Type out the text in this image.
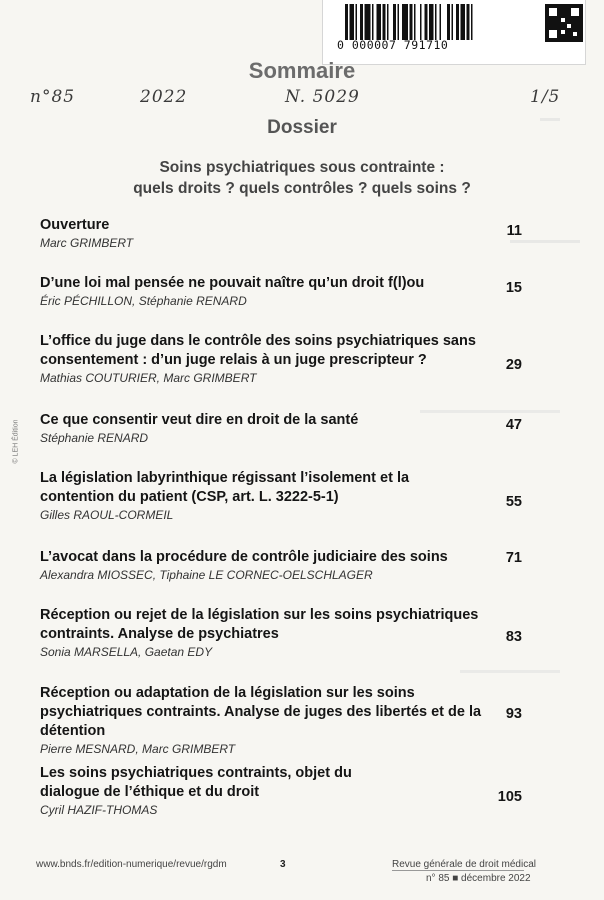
0 000007 791710
Sommaire
n°85	2022	N. 5029	1/5
Dossier
Soins psychiatriques sous contrainte :
quels droits ? quels contrôles ? quels soins ?
Ouverture
Marc GRIMBERT
11
D’une loi mal pensée ne pouvait naître qu’un droit f(l)ou
Éric PÉCHILLON, Stéphanie RENARD
15
L’office du juge dans le contrôle des soins psychiatriques sans consentement : d’un juge relais à un juge prescripteur ?
Mathias COUTURIER, Marc GRIMBERT
29
Ce que consentir veut dire en droit de la santé
Stéphanie RENARD
47
La législation labyrinthique régissant l’isolement et la contention du patient (CSP, art. L. 3222-5-1)
Gilles RAOUL-CORMEIL
55
L’avocat dans la procédure de contrôle judiciaire des soins
Alexandra MIOSSEC, Tiphaine LE CORNEC-OELSCHLAGER
71
Réception ou rejet de la législation sur les soins psychiatriques contraints. Analyse de psychiatres
Sonia MARSELLA, Gaetan EDY
83
Réception ou adaptation de la législation sur les soins psychiatriques contraints. Analyse de juges des libertés et de la détention
Pierre MESNARD, Marc GRIMBERT
93
Les soins psychiatriques contraints, objet du dialogue de l’éthique et du droit
Cyril HAZIF-THOMAS
105
© LEH Édition
www.bnds.fr/edition-numerique/revue/rgdm	3	Revue générale de droit médical
n° 85 ■ décembre 2022
